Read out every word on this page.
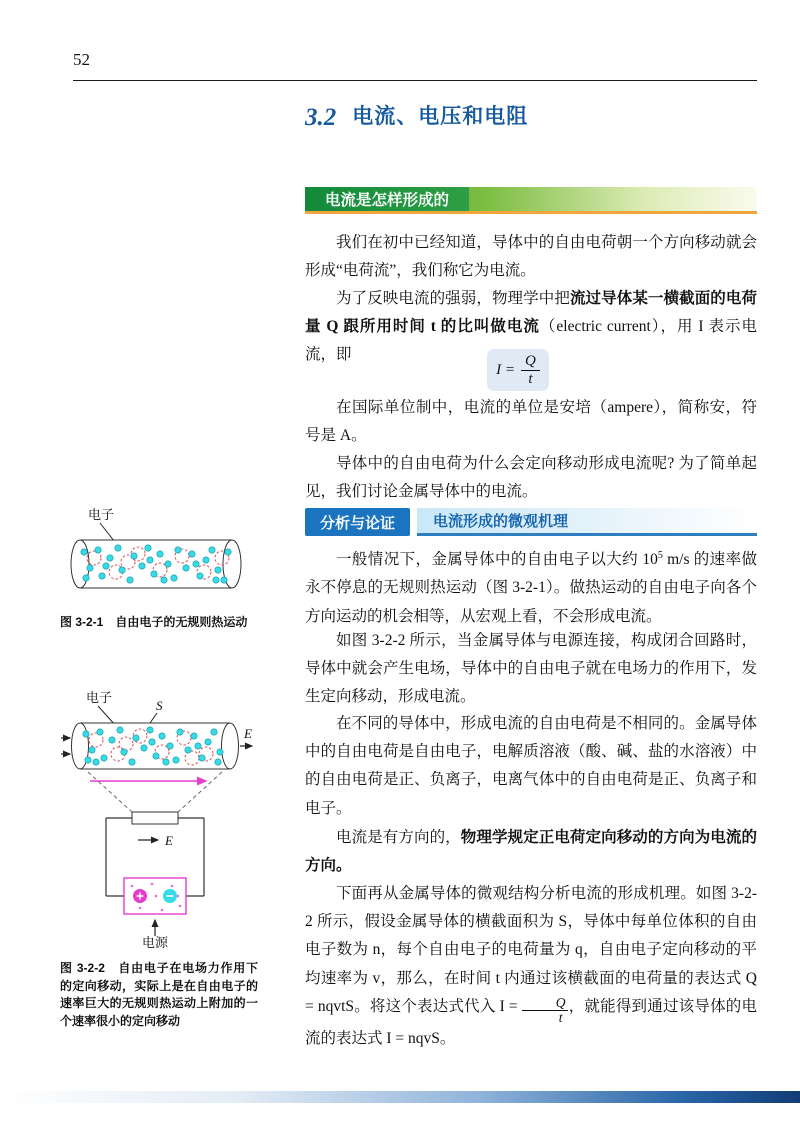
52
3.2 电流、电压和电阻
电流是怎样形成的

我们在初中已经知道，导体中的自由电荷朝一个方向移动就会形成“电荷流”，我们称它为电流。

为了反映电流的强弱，物理学中把流过导体某一横截面的电荷量 Q 跟所用时间 t 的比叫做电流（electric current），用 I 表示电流，即

$I = \frac{Q}{t}$

在国际单位制中，电流的单位是安培（ampere），简称安，符号是 A。

导体中的自由电荷为什么会定向移动形成电流呢? 为了简单起见，我们讨论金属导体中的电流。

分析与论证	电流形成的微观机理

一般情况下，金属导体中的自由电子以大约 $10^5$ m/s 的速率做永不停息的无规则热运动（图 3-2-1）。做热运动的自由电子向各个方向运动的机会相等，从宏观上看，不会形成电流。

如图 3-2-2 所示，当金属导体与电源连接，构成闭合回路时，导体中就会产生电场，导体中的自由电子就在电场力的作用下，发生定向移动，形成电流。

在不同的导体中，形成电流的自由电荷是不相同的。金属导体中的自由电荷是自由电子，电解质溶液（酸、碱、盐的水溶液）中的自由电荷是正、负离子，电离气体中的自由电荷是正、负离子和电子。

电流是有方向的，物理学规定正电荷定向移动的方向为电流的方向。

下面再从金属导体的微观结构分析电流的形成机理。如图 3-2-2 所示，假设金属导体的横截面积为 S，导体中每单位体积的自由电子数为 n，每个自由电子的电荷量为 q，自由电子定向移动的平均速率为 v，那么，在时间 t 内通过该横截面的电荷量的表达式 Q = nqvtS。将这个表达式代入 $I = \frac{Q}{t}$ ，就能得到通过该导体的电流的表达式 I = nqvS。

电子
图 3-2-1　自由电子的无规则热运动
电子
S
E
E
电源
图 3-2-2　自由电子在电场力作用下的定向移动，实际上是在自由电子的速率巨大的无规则热运动上附加的一个速率很小的定向移动
